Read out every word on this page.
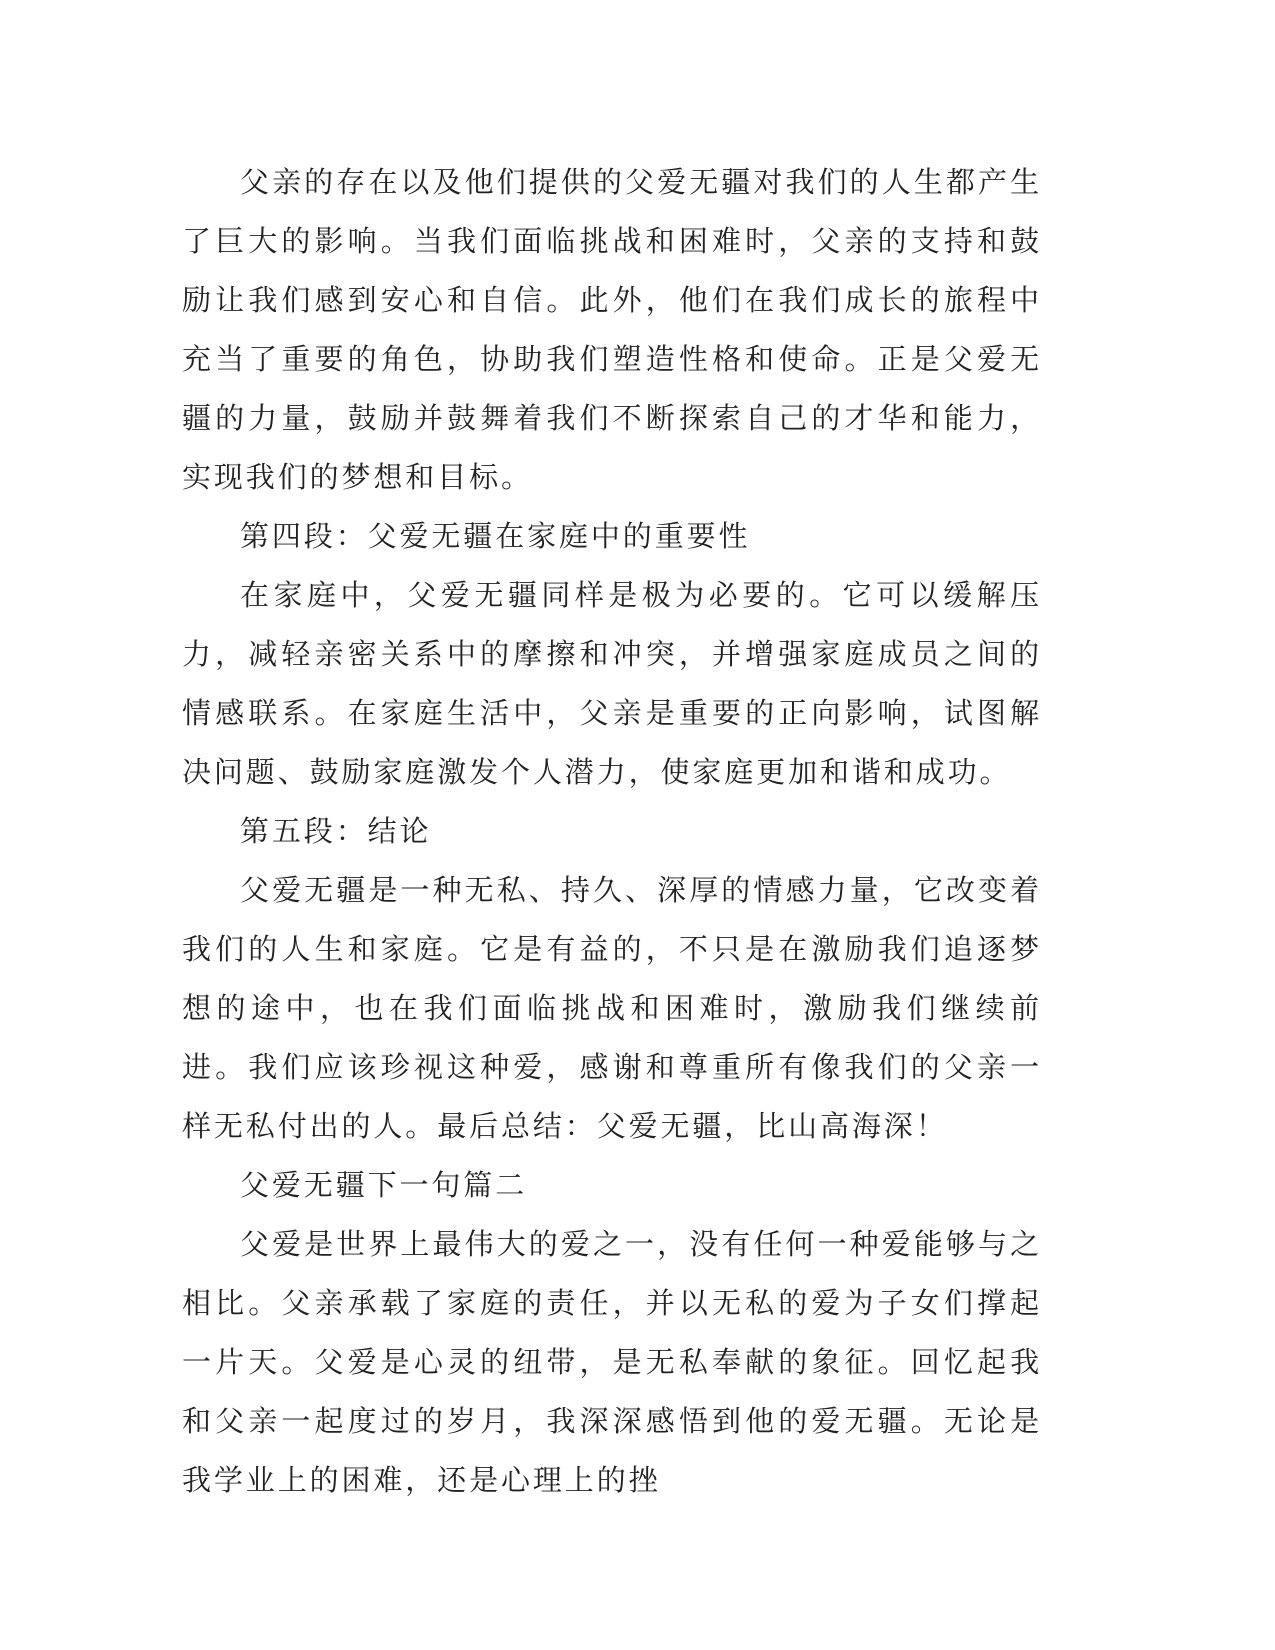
父亲的存在以及他们提供的父爱无疆对我们的人生都产生了巨大的影响。当我们面临挑战和困难时，父亲的支持和鼓励让我们感到安心和自信。此外，他们在我们成长的旅程中充当了重要的角色，协助我们塑造性格和使命。正是父爱无疆的力量，鼓励并鼓舞着我们不断探索自己的才华和能力，实现我们的梦想和目标。

第四段：父爱无疆在家庭中的重要性

在家庭中，父爱无疆同样是极为必要的。它可以缓解压力，减轻亲密关系中的摩擦和冲突，并增强家庭成员之间的情感联系。在家庭生活中，父亲是重要的正向影响，试图解决问题、鼓励家庭激发个人潜力，使家庭更加和谐和成功。

第五段：结论

父爱无疆是一种无私、持久、深厚的情感力量，它改变着我们的人生和家庭。它是有益的，不只是在激励我们追逐梦想的途中，也在我们面临挑战和困难时，激励我们继续前进。我们应该珍视这种爱，感谢和尊重所有像我们的父亲一样无私付出的人。最后总结：父爱无疆，比山高海深！

父爱无疆下一句篇二

父爱是世界上最伟大的爱之一，没有任何一种爱能够与之相比。父亲承载了家庭的责任，并以无私的爱为子女们撑起一片天。父爱是心灵的纽带，是无私奉献的象征。回忆起我和父亲一起度过的岁月，我深深感悟到他的爱无疆。无论是我学业上的困难，还是心理上的挫
